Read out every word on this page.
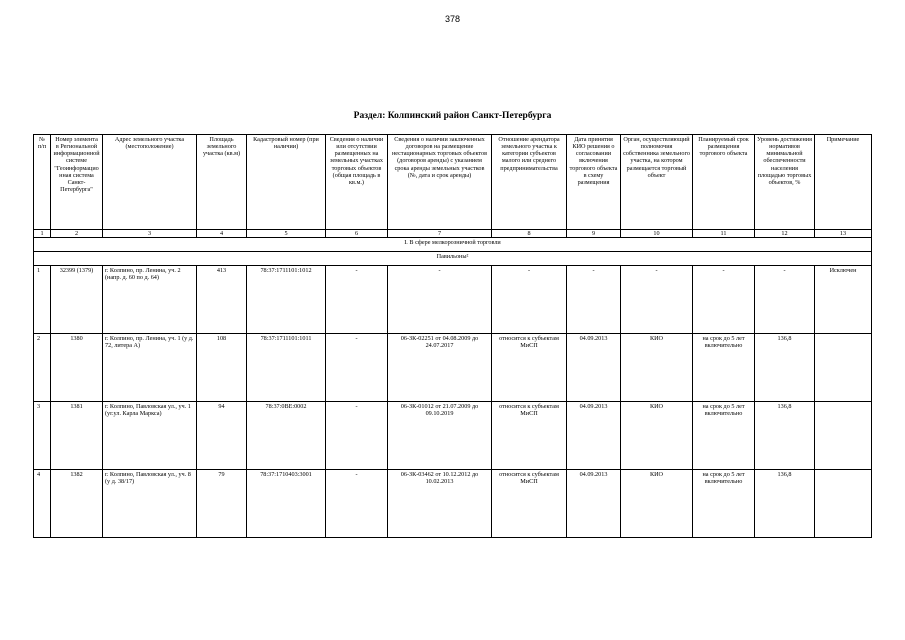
378
Раздел: Колпинский район Санкт-Петербурга
№ п/п	Номер элемента в Региональной информационной системе "Геоинформационная система Санкт-Петербурга"	Адрес земельного участка (местоположение)	Площадь земельного участка (кв.м)	Кадастровый номер (при наличии)	Сведения о наличии или отсутствии размещенных на земельных участках торговых объектов (общая площадь в кв.м.)	Сведения о наличии заключенных договоров на размещение нестационарных торговых объектов (договоров аренды) с указанием срока аренды земельных участков (№, дата и срок аренды)	Отношение арендатора земельного участка к категории субъектов малого или среднего предпринимательства	Дата принятия КИО решения о согласовании включения торгового объекта в схему размещения	Орган, осуществляющий полномочия собственника земельного участка, на котором размещается торговый объект	Планируемый срок размещения торгового объекта	Уровень достижения нормативов минимальной обеспеченности населения площадью торговых объектов, %	Примечание
1	2	3	4	5	6	7	8	9	10	11	12	13
I. В сфере мелкорозничной торговли												
Павильоны²												
1	32399 (1379)	г. Колпино, пр. Ленина, уч. 2 (напр. д. 60 по д. 64)	413	78:37:1711101:1012	-	-	-	-	-	-	-	Исключен
2	1380	г. Колпино, пр. Ленина, уч. 1 (у д. 72, литера А)	108	78:37:1711101:1011	-	06-ЗК-02251 от 04.08.2009 до 24.07.2017	относится к субъектам МиСП	04.09.2013	КИО	на срок до 5 лет включительно	136,8	
3	1381	г. Колпино, Павловская ул., уч. 1 (уг.ул. Карла Маркса)	94	78:37:0ВЕ:0002	-	06-ЗК-01012 от 21.07.2009 до 09.10.2019	относится к субъектам МиСП	04.09.2013	КИО	на срок до 5 лет включительно	136,8	
4	1382	г. Колпино, Павловская ул., уч. 8 (у д. 38/17)	79	78:37:1710403:3001	-	06-ЗК-03462 от 10.12.2012 до 10.02.2013	относится к субъектам МиСП	04.09.2013	КИО	на срок до 5 лет включительно	136,8	
